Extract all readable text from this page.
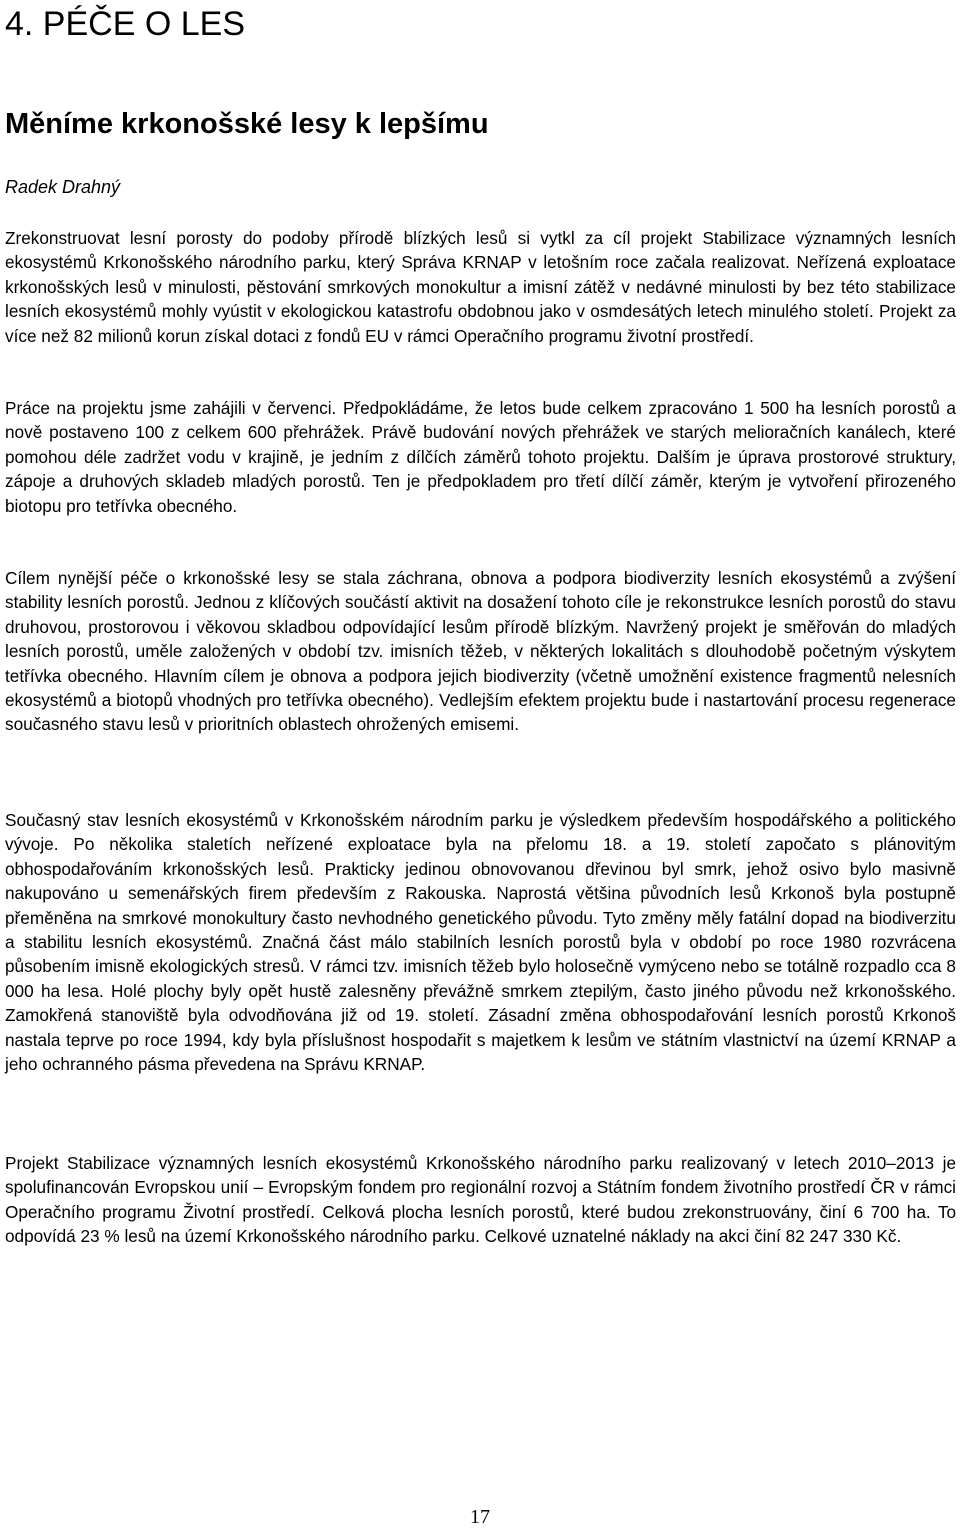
4. PÉČE O LES
Měníme krkonošské lesy k lepšímu

Radek Drahný

Zrekonstruovat lesní porosty do podoby přírodě blízkých lesů si vytkl za cíl projekt Stabilizace významných lesních ekosystémů Krkonošského národního parku, který Správa KRNAP v letošním roce začala realizovat. Neřízená exploatace krkonošských lesů v minulosti, pěstování smrkových monokultur a imisní zátěž v nedávné minulosti by bez této stabilizace lesních ekosystémů mohly vyústit v ekologickou katastrofu obdobnou jako v osmdesátých letech minulého století. Projekt za více než 82 milionů korun získal dotaci z fondů EU v rámci Operačního programu životní prostředí.

Práce na projektu jsme zahájili v červenci. Předpokládáme, že letos bude celkem zpracováno 1 500 ha lesních porostů a nově postaveno 100 z celkem 600 přehrážek. Právě budování nových přehrážek ve starých melioračních kanálech, které pomohou déle zadržet vodu v krajině, je jedním z dílčích záměrů tohoto projektu. Dalším je úprava prostorové struktury, zápoje a druhových skladeb mladých porostů. Ten je předpokladem pro třetí dílčí záměr, kterým je vytvoření přirozeného biotopu pro tetřívka obecného.

Cílem nynější péče o krkonošské lesy se stala záchrana, obnova a podpora biodiverzity lesních ekosystémů a zvýšení stability lesních porostů. Jednou z klíčových součástí aktivit na dosažení tohoto cíle je rekonstrukce lesních porostů do stavu druhovou, prostorovou i věkovou skladbou odpovídající lesům přírodě blízkým. Navržený projekt je směřován do mladých lesních porostů, uměle založených v období tzv. imisních těžeb, v některých lokalitách s dlouhodobě početným výskytem tetřívka obecného. Hlavním cílem je obnova a podpora jejich biodiverzity (včetně umožnění existence fragmentů nelesních ekosystémů a biotopů vhodných pro tetřívka obecného). Vedlejším efektem projektu bude i nastartování procesu regenerace současného stavu lesů v prioritních oblastech ohrožených emisemi.

Současný stav lesních ekosystémů v Krkonošském národním parku je výsledkem především hospodářského a politického vývoje. Po několika staletích neřízené exploatace byla na přelomu 18. a 19. století započato s plánovitým obhospodařováním krkonošských lesů. Prakticky jedinou obnovovanou dřevinou byl smrk, jehož osivo bylo masivně nakupováno u semenářských firem především z Rakouska. Naprostá většina původních lesů Krkonoš byla postupně přeměněna na smrkové monokultury často nevhodného genetického původu. Tyto změny měly fatální dopad na biodiverzitu a stabilitu lesních ekosystémů. Značná část málo stabilních lesních porostů byla v období po roce 1980 rozvrácena působením imisně ekologických stresů. V rámci tzv. imisních těžeb bylo holosečně vymýceno nebo se totálně rozpadlo cca 8 000 ha lesa. Holé plochy byly opět hustě zalesněny převážně smrkem ztepilým, často jiného původu než krkonošského. Zamokřená stanoviště byla odvodňována již od 19. století. Zásadní změna obhospodařování lesních porostů Krkonoš nastala teprve po roce 1994, kdy byla příslušnost hospodařit s majetkem k lesům ve státním vlastnictví na území KRNAP a jeho ochranného pásma převedena na Správu KRNAP.

Projekt Stabilizace významných lesních ekosystémů Krkonošského národního parku realizovaný v letech 2010–2013 je spolufinancován Evropskou unií – Evropským fondem pro regionální rozvoj a Státním fondem životního prostředí ČR v rámci Operačního programu Životní prostředí. Celková plocha lesních porostů, které budou zrekonstruovány, činí 6 700 ha. To odpovídá 23 % lesů na území Krkonošského národního parku. Celkové uznatelné náklady na akci činí 82 247 330 Kč.

17
